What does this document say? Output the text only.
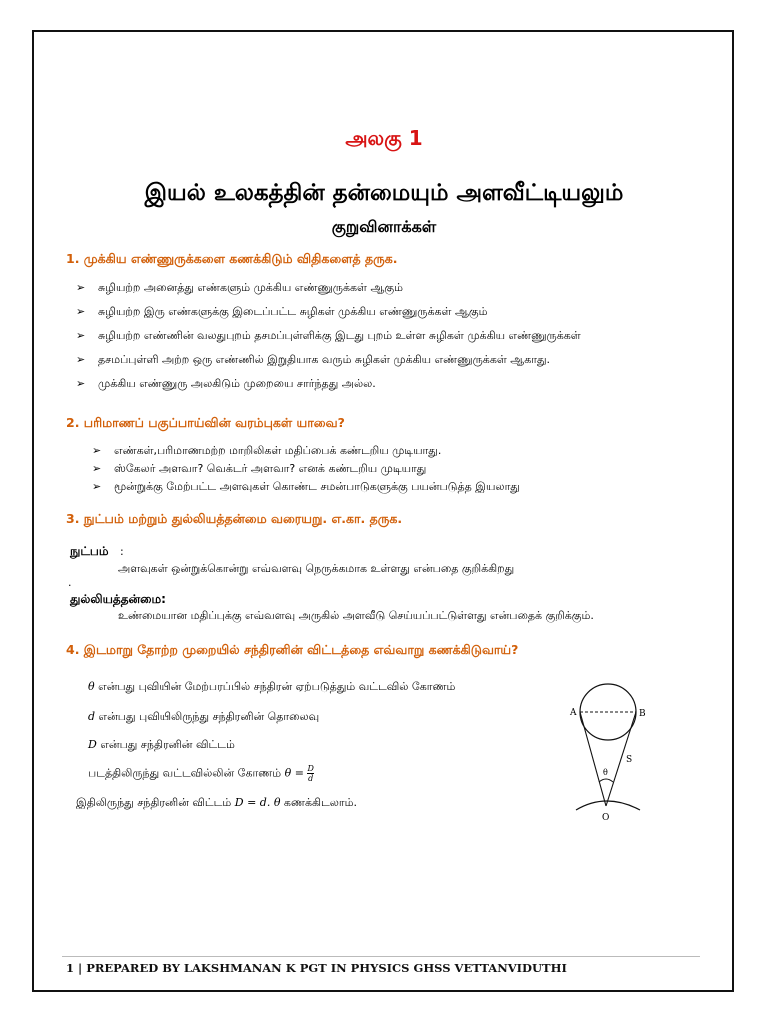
அலகு 1
இயல் உலகத்தின் தன்மையும் அளவீட்டியலும்
குறுவினாக்கள்
1. முக்கிய எண்ணுருக்களை கணக்கிடும் விதிகளைத் தருக.
➢ சுழியற்ற அனைத்து எண்களும் முக்கிய எண்ணுருக்கள் ஆகும்
➢ சுழியற்ற இரு எண்களுக்கு இடைப்பட்ட சுழிகள் முக்கிய எண்ணுருக்கள் ஆகும்
➢ சுழியற்ற எண்ணின் வலதுபுறம் தசமப்புள்ளிக்கு இடது புறம் உள்ள சுழிகள் முக்கிய எண்ணுருக்கள்
➢ தசமப்புள்ளி அற்ற ஒரு எண்ணில் இறுதியாக வரும் சுழிகள் முக்கிய எண்ணுருக்கள் ஆகாது.
➢ முக்கிய எண்ணுரு அலகிடும் முறையை சார்ந்தது அல்ல.
2. பரிமாணப் பகுப்பாய்வின் வரம்புகள் யாவை?
➢ எண்கள்,பரிமாணமற்ற மாறிலிகள் மதிப்பைக் கண்டறிய முடியாது.
➢ ஸ்கேலர் அளவா? வெக்டர் அளவா? எனக் கண்டறிய முடியாது
➢ மூன்றுக்கு மேற்பட்ட அளவுகள் கொண்ட சமன்பாடுகளுக்கு பயன்படுத்த இயலாது
3. நுட்பம் மற்றும் துல்லியத்தன்மை வரையறு. எ.கா. தருக.
நுட்பம் :
அளவுகள் ஒன்றுக்கொன்று எவ்வளவு நெருக்கமாக உள்ளது என்பதை குறிக்கிறது
.
துல்லியத்தன்மை:
உண்மையான மதிப்புக்கு எவ்வளவு அருகில் அளவீடு செய்யப்பட்டுள்ளது என்பதைக் குறிக்கும்.
4. இடமாறு தோற்ற முறையில் சந்திரனின் விட்டத்தை எவ்வாறு கணக்கிடுவாய்?
θ என்பது புவியின் மேற்பரப்பில் சந்திரன் ஏற்படுத்தும் வட்டவில் கோணம்
d என்பது புவியிலிருந்து சந்திரனின் தொலைவு
D என்பது சந்திரனின் விட்டம்
படத்திலிருந்து வட்டவில்லின் கோணம் $\theta = \frac{D}{d}$
இதிலிருந்து சந்திரனின் விட்டம் D = d. θ கணக்கிடலாம்.
A	B
S
θ
O
1 | PREPARED BY LAKSHMANAN K PGT IN PHYSICS GHSS VETTANVIDUTHI
